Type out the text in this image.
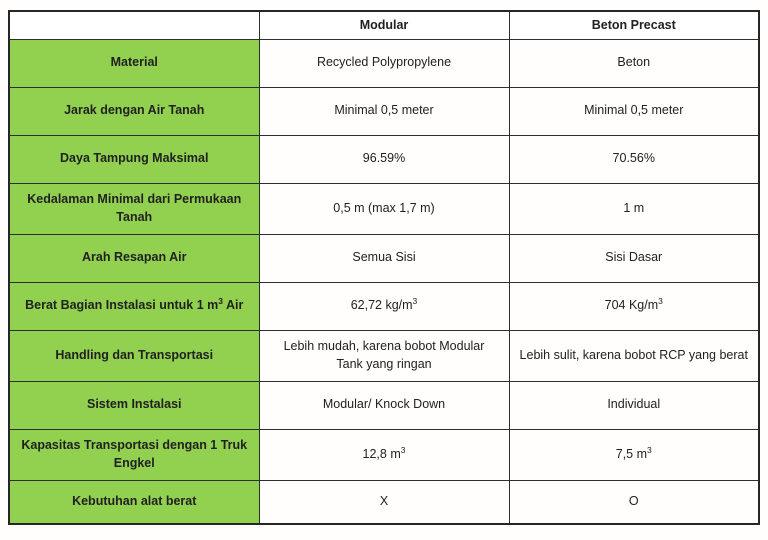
	Modular	Beton Precast
Material	Recycled Polypropylene	Beton
Jarak dengan Air Tanah	Minimal 0,5 meter	Minimal 0,5 meter
Daya Tampung Maksimal	96.59%	70.56%
Kedalaman Minimal dari Permukaan Tanah	0,5 m (max 1,7 m)	1 m
Arah Resapan Air	Semua Sisi	Sisi Dasar
Berat Bagian Instalasi untuk 1 $m^3$ Air	62,72 $kg/m^3$	704 $Kg/m^3$
Handling dan Transportasi	Lebih mudah, karena bobot Modular Tank yang ringan	Lebih sulit, karena bobot RCP yang berat
Sistem Instalasi	Modular/ Knock Down	Individual
Kapasitas Transportasi dengan 1 Truk Engkel	12,8 $m^3$	7,5 $m^3$
Kebutuhan alat berat	X	O
